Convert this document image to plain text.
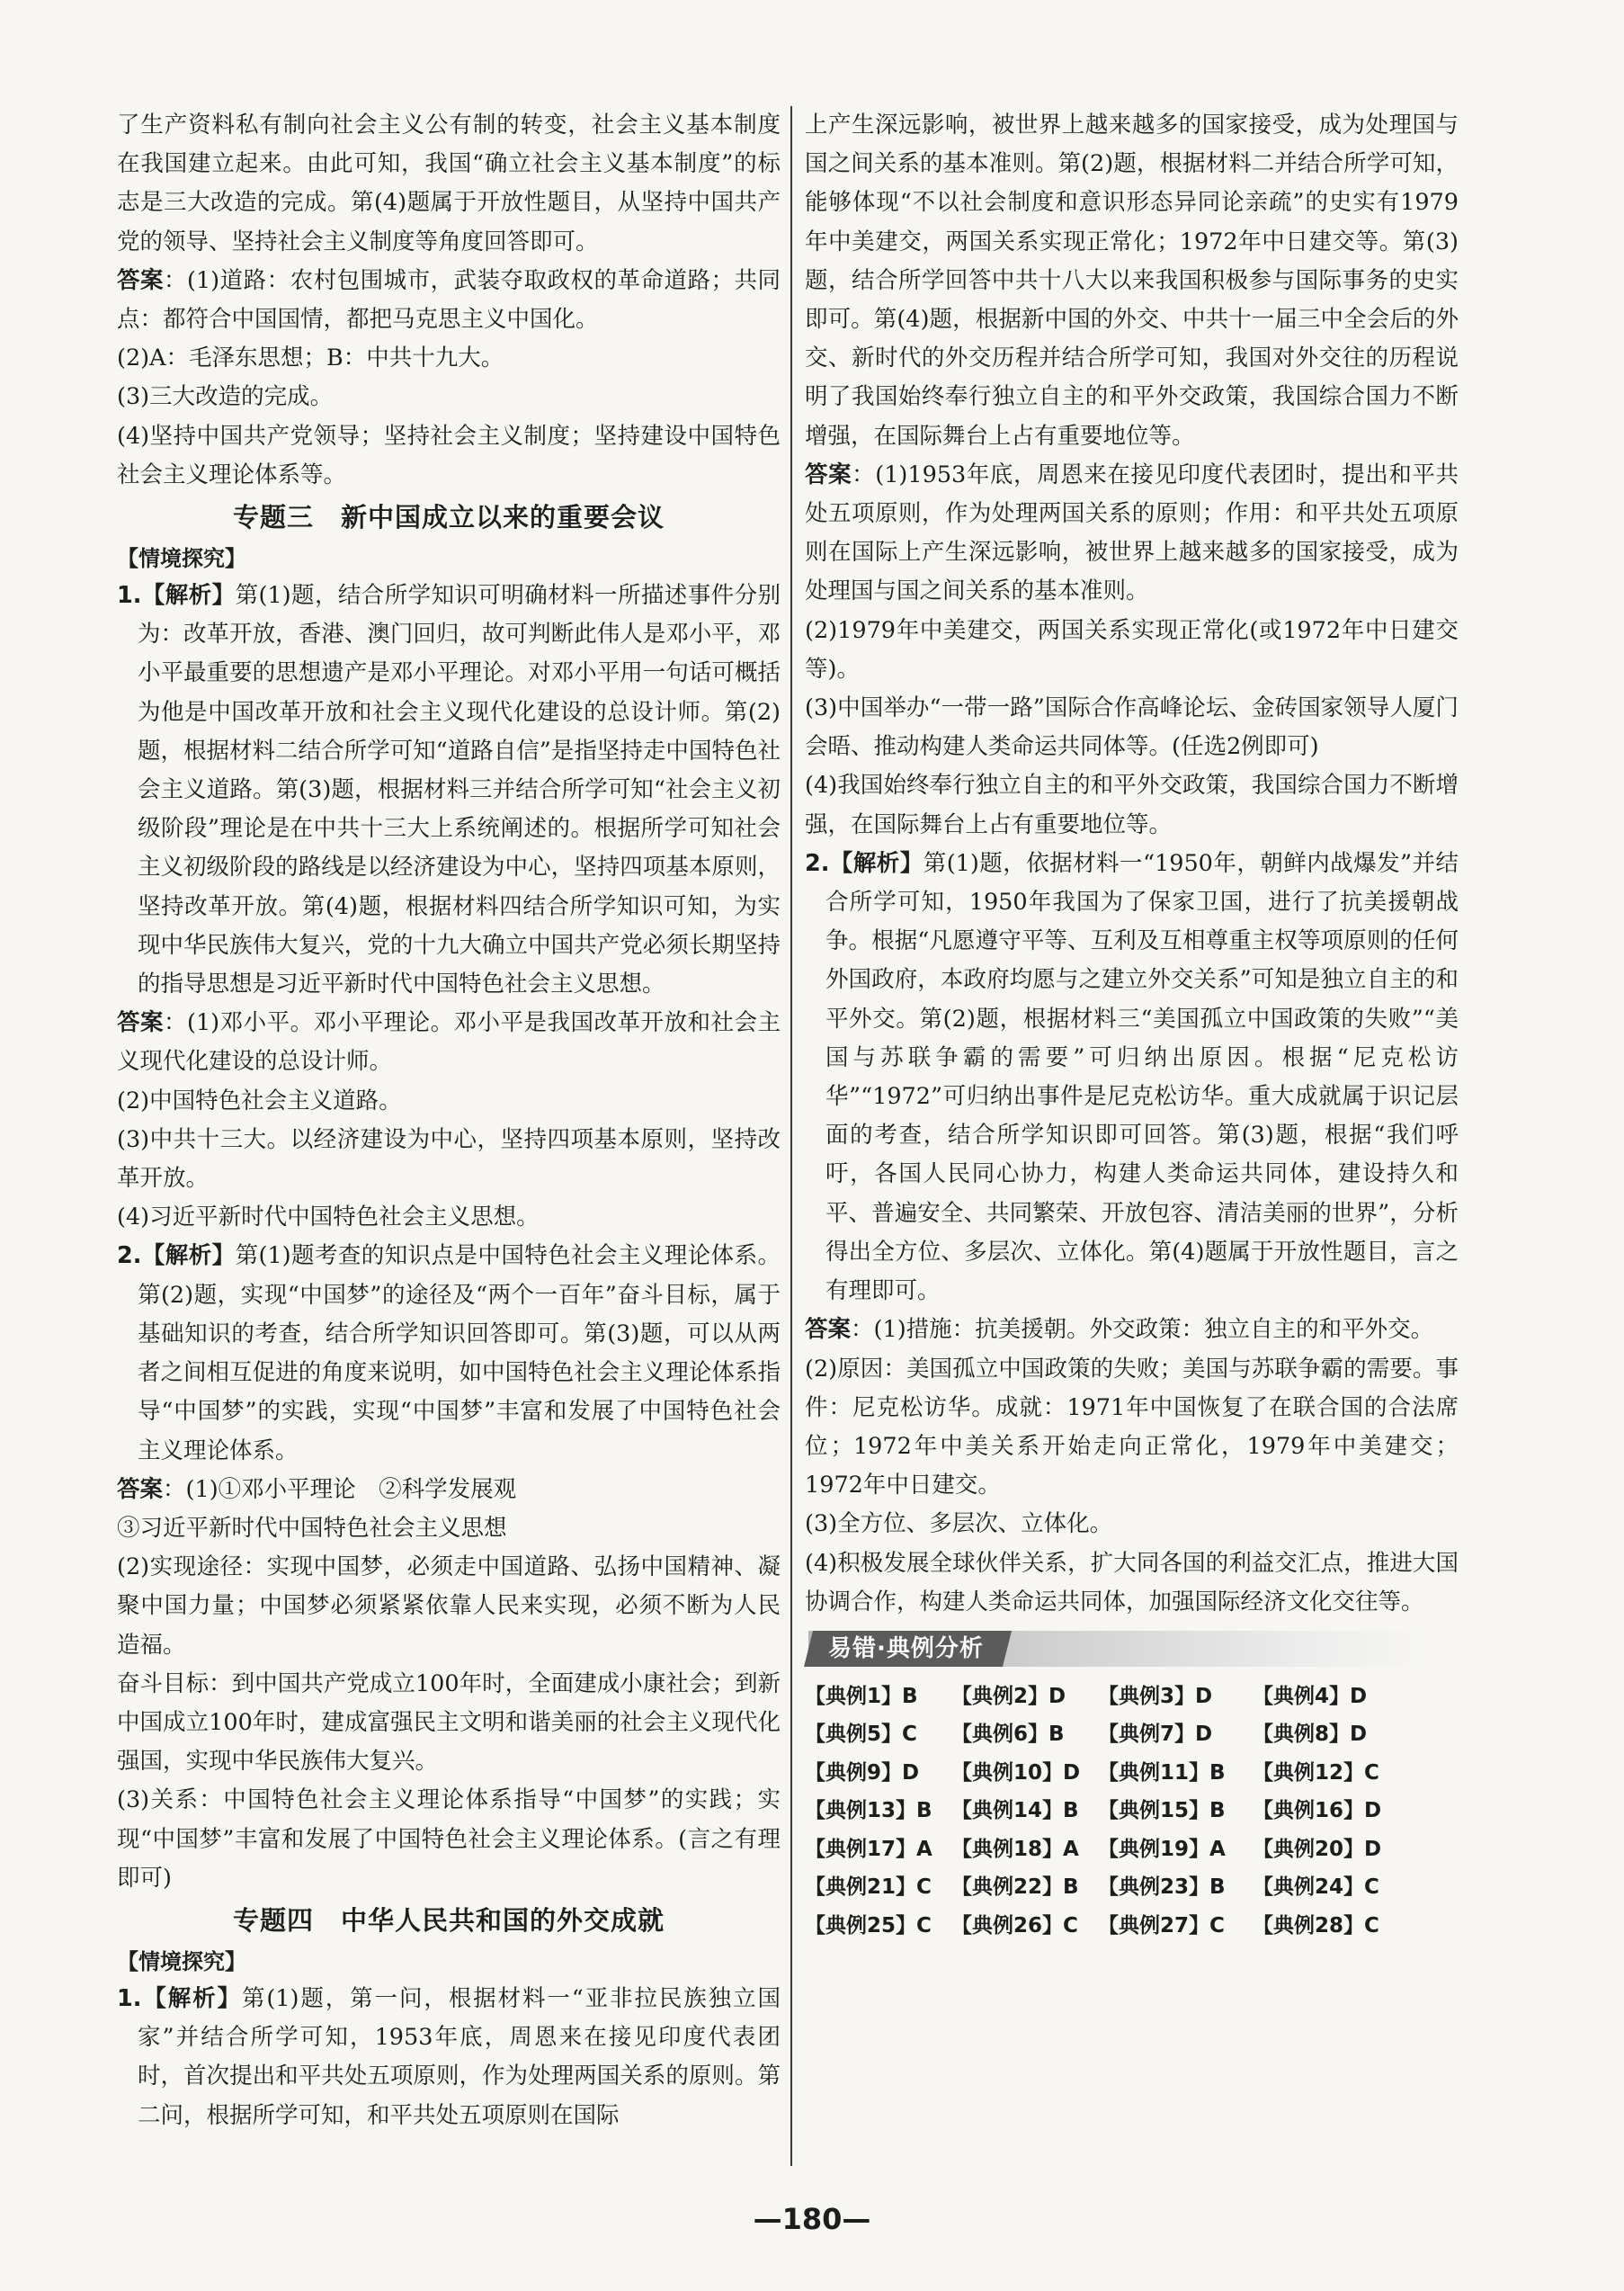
了生产资料私有制向社会主义公有制的转变，社会主义基本制度在我国建立起来。由此可知，我国“确立社会主义基本制度”的标志是三大改造的完成。第(4)题属于开放性题目，从坚持中国共产党的领导、坚持社会主义制度等角度回答即可。

答案：(1)道路：农村包围城市，武装夺取政权的革命道路；共同点：都符合中国国情，都把马克思主义中国化。

(2)A：毛泽东思想；B：中共十九大。

(3)三大改造的完成。

(4)坚持中国共产党领导；坚持社会主义制度；坚持建设中国特色社会主义理论体系等。

专题三　新中国成立以来的重要会议
【情境探究】

1.【解析】第(1)题，结合所学知识可明确材料一所描述事件分别为：改革开放，香港、澳门回归，故可判断此伟人是邓小平，邓小平最重要的思想遗产是邓小平理论。对邓小平用一句话可概括为他是中国改革开放和社会主义现代化建设的总设计师。第(2)题，根据材料二结合所学可知“道路自信”是指坚持走中国特色社会主义道路。第(3)题，根据材料三并结合所学可知“社会主义初级阶段”理论是在中共十三大上系统阐述的。根据所学可知社会主义初级阶段的路线是以经济建设为中心，坚持四项基本原则，坚持改革开放。第(4)题，根据材料四结合所学知识可知，为实现中华民族伟大复兴，党的十九大确立中国共产党必须长期坚持的指导思想是习近平新时代中国特色社会主义思想。

答案：(1)邓小平。邓小平理论。邓小平是我国改革开放和社会主义现代化建设的总设计师。

(2)中国特色社会主义道路。

(3)中共十三大。以经济建设为中心，坚持四项基本原则，坚持改革开放。

(4)习近平新时代中国特色社会主义思想。

2.【解析】第(1)题考查的知识点是中国特色社会主义理论体系。第(2)题，实现“中国梦”的途径及“两个一百年”奋斗目标，属于基础知识的考查，结合所学知识回答即可。第(3)题，可以从两者之间相互促进的角度来说明，如中国特色社会主义理论体系指导“中国梦”的实践，实现“中国梦”丰富和发展了中国特色社会主义理论体系。

答案：(1)①邓小平理论　②科学发展观

③习近平新时代中国特色社会主义思想

(2)实现途径：实现中国梦，必须走中国道路、弘扬中国精神、凝聚中国力量；中国梦必须紧紧依靠人民来实现，必须不断为人民造福。

奋斗目标：到中国共产党成立100年时，全面建成小康社会；到新中国成立100年时，建成富强民主文明和谐美丽的社会主义现代化强国，实现中华民族伟大复兴。

(3)关系：中国特色社会主义理论体系指导“中国梦”的实践；实现“中国梦”丰富和发展了中国特色社会主义理论体系。(言之有理即可)

专题四　中华人民共和国的外交成就
【情境探究】

1.【解析】第(1)题，第一问，根据材料一“亚非拉民族独立国家”并结合所学可知，1953年底，周恩来在接见印度代表团时，首次提出和平共处五项原则，作为处理两国关系的原则。第二问，根据所学可知，和平共处五项原则在国际

上产生深远影响，被世界上越来越多的国家接受，成为处理国与国之间关系的基本准则。第(2)题，根据材料二并结合所学可知，能够体现“不以社会制度和意识形态异同论亲疏”的史实有1979年中美建交，两国关系实现正常化；1972年中日建交等。第(3)题，结合所学回答中共十八大以来我国积极参与国际事务的史实即可。第(4)题，根据新中国的外交、中共十一届三中全会后的外交、新时代的外交历程并结合所学可知，我国对外交往的历程说明了我国始终奉行独立自主的和平外交政策，我国综合国力不断增强，在国际舞台上占有重要地位等。

答案：(1)1953年底，周恩来在接见印度代表团时，提出和平共处五项原则，作为处理两国关系的原则；作用：和平共处五项原则在国际上产生深远影响，被世界上越来越多的国家接受，成为处理国与国之间关系的基本准则。

(2)1979年中美建交，两国关系实现正常化(或1972年中日建交等)。

(3)中国举办“一带一路”国际合作高峰论坛、金砖国家领导人厦门会晤、推动构建人类命运共同体等。(任选2例即可)

(4)我国始终奉行独立自主的和平外交政策，我国综合国力不断增强，在国际舞台上占有重要地位等。

2.【解析】第(1)题，依据材料一“1950年，朝鲜内战爆发”并结合所学可知，1950年我国为了保家卫国，进行了抗美援朝战争。根据“凡愿遵守平等、互利及互相尊重主权等项原则的任何外国政府，本政府均愿与之建立外交关系”可知是独立自主的和平外交。第(2)题，根据材料三“美国孤立中国政策的失败”“美国与苏联争霸的需要”可归纳出原因。根据“尼克松访华”“1972”可归纳出事件是尼克松访华。重大成就属于识记层面的考查，结合所学知识即可回答。第(3)题，根据“我们呼吁，各国人民同心协力，构建人类命运共同体，建设持久和平、普遍安全、共同繁荣、开放包容、清洁美丽的世界”，分析得出全方位、多层次、立体化。第(4)题属于开放性题目，言之有理即可。

答案：(1)措施：抗美援朝。外交政策：独立自主的和平外交。

(2)原因：美国孤立中国政策的失败；美国与苏联争霸的需要。事件：尼克松访华。成就：1971年中国恢复了在联合国的合法席位；1972年中美关系开始走向正常化，1979年中美建交；1972年中日建交。

(3)全方位、多层次、立体化。

(4)积极发展全球伙伴关系，扩大同各国的利益交汇点，推进大国协调合作，构建人类命运共同体，加强国际经济文化交往等。

易错·典例分析
【典例1】B	【典例2】D	【典例3】D	【典例4】D
【典例5】C	【典例6】B	【典例7】D	【典例8】D
【典例9】D	【典例10】D 【典例11】B	【典例12】C
【典例13】B 【典例14】B 【典例15】B	【典例16】D
【典例17】A 【典例18】A 【典例19】A	【典例20】D
【典例21】C 【典例22】B 【典例23】B	【典例24】C
【典例25】C 【典例26】C 【典例27】C	【典例28】C
—180—
